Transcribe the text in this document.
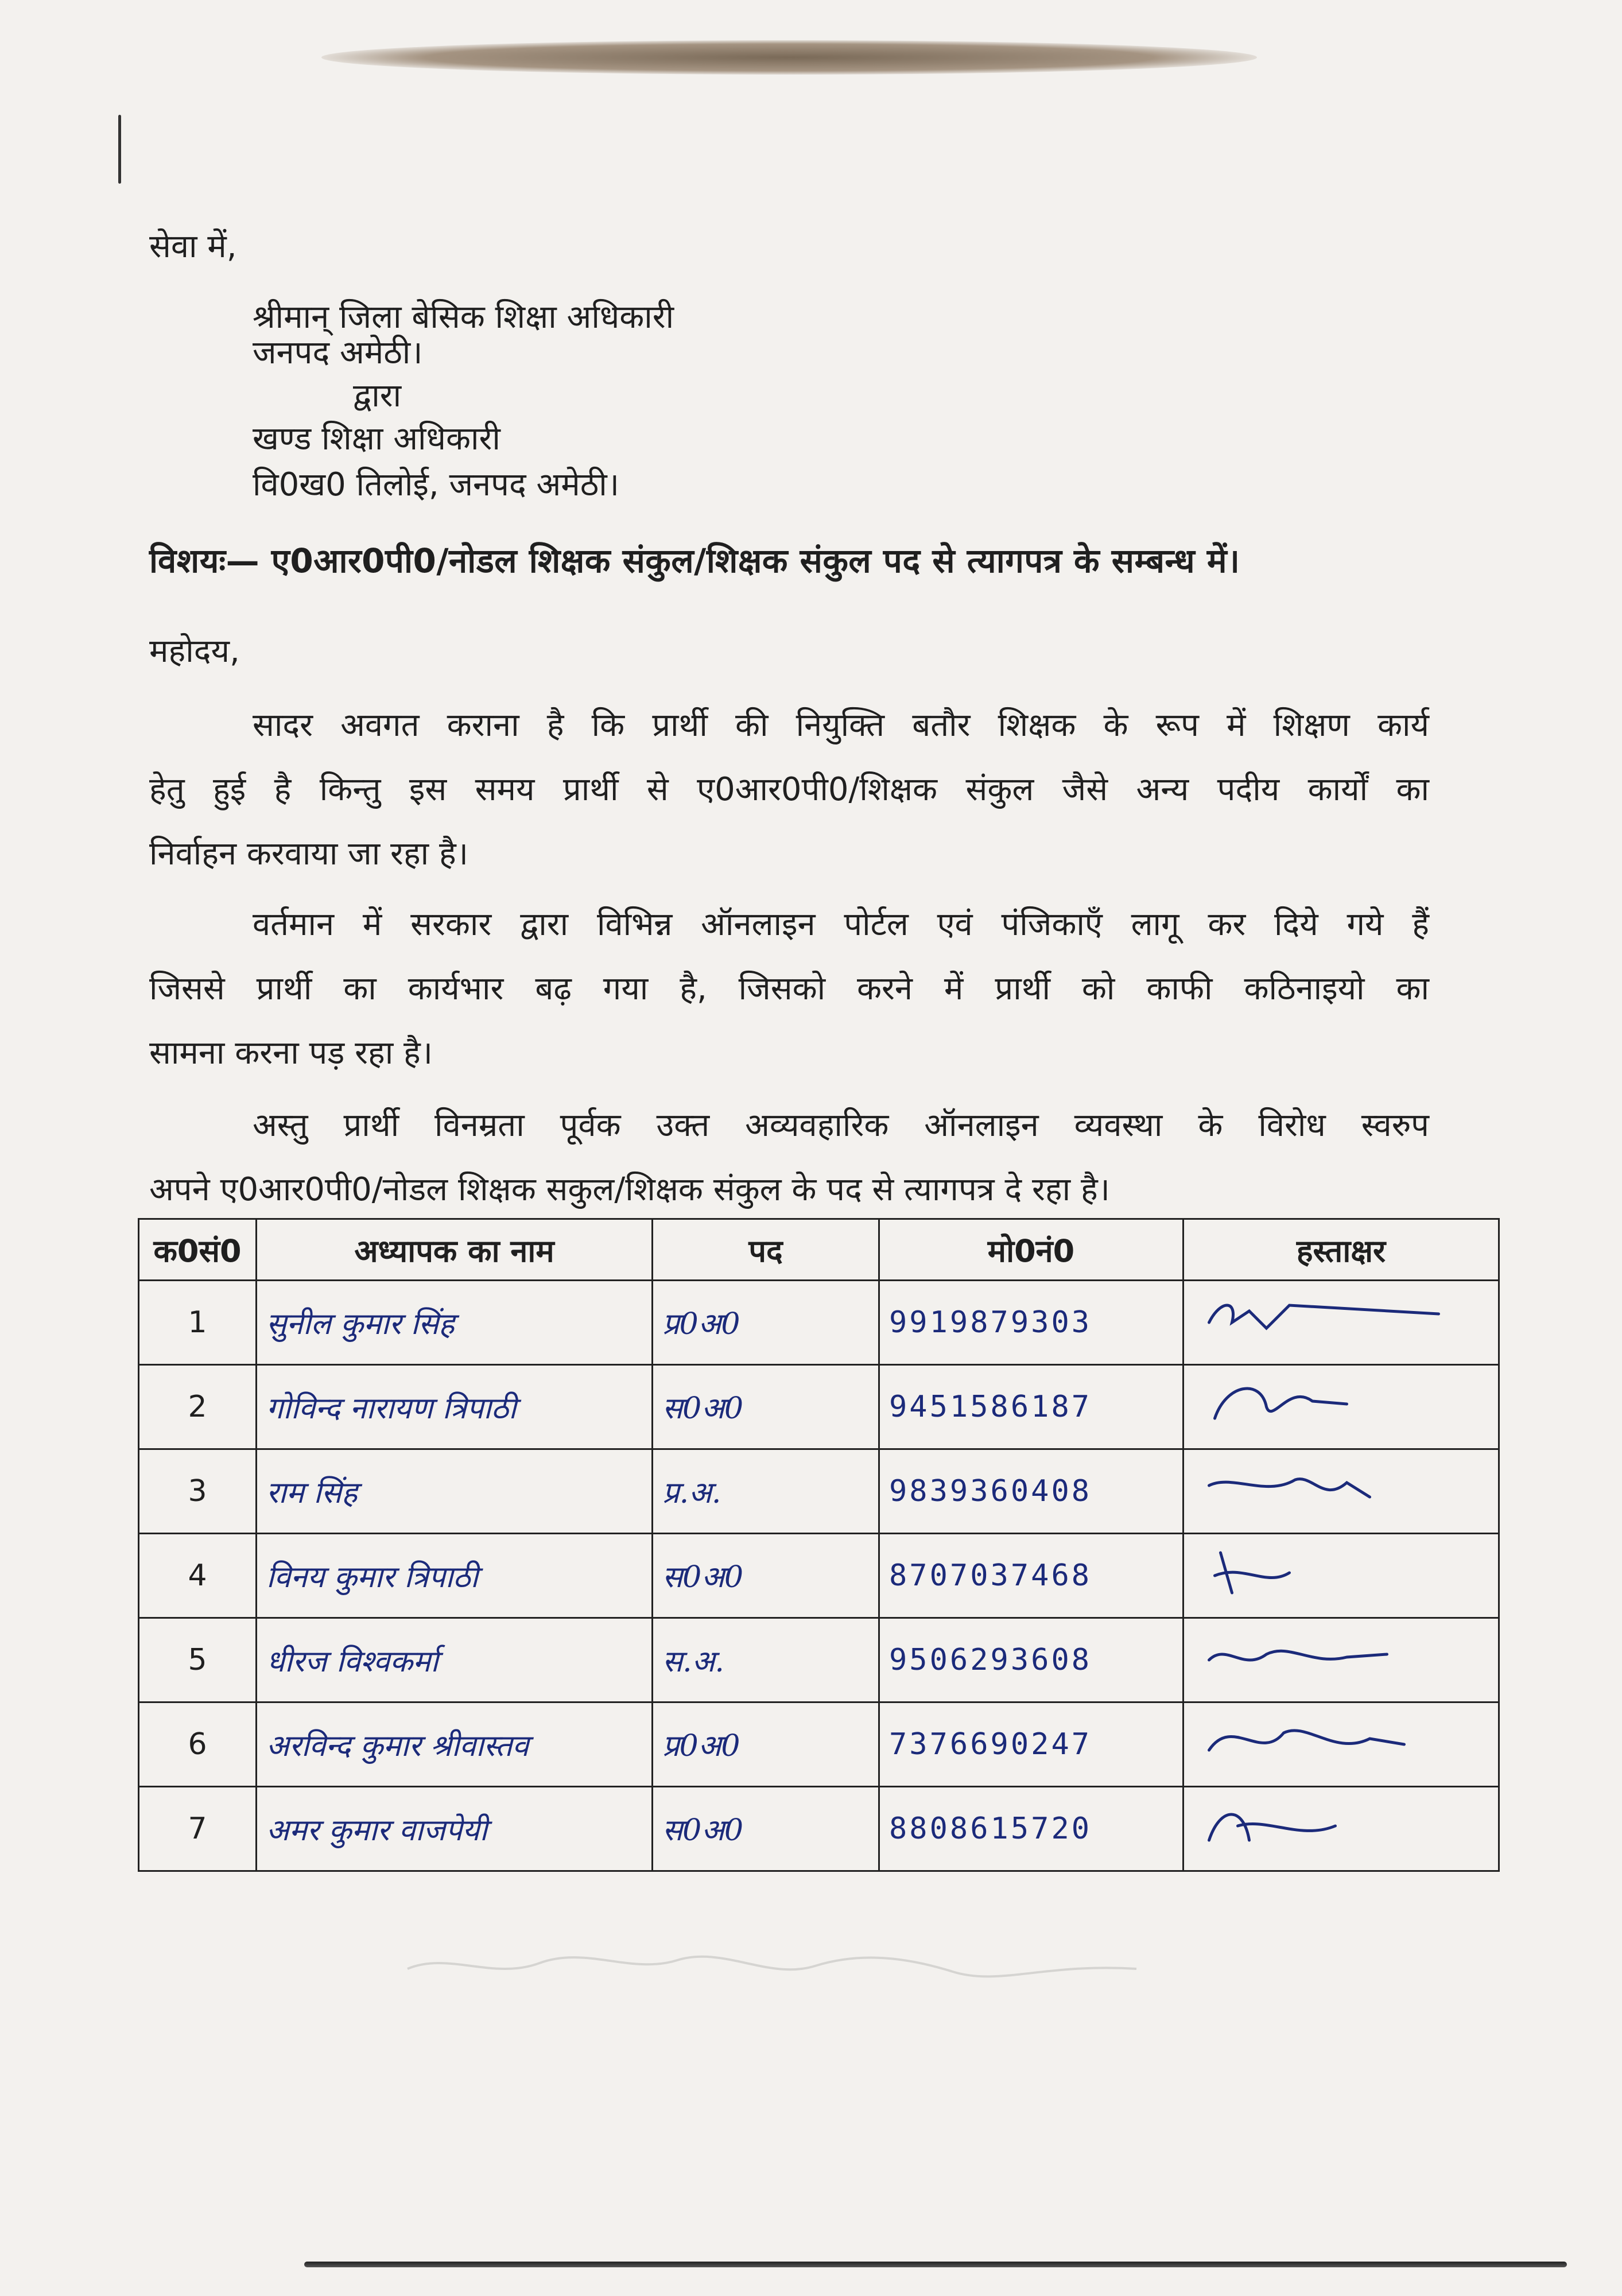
सेवा में,
श्रीमान् जिला बेसिक शिक्षा अधिकारी
जनपद अमेठी।
द्वारा
खण्ड शिक्षा अधिकारी
वि0ख0 तिलोई, जनपद अमेठी।
विशयः— ए0आर0पी0/नोडल शिक्षक संकुल/शिक्षक संकुल पद से त्यागपत्र के सम्बन्ध में।
महोदय,
सादर अवगत कराना है कि प्रार्थी की नियुक्ति बतौर शिक्षक के रूप में शिक्षण कार्य
हेतु हुई है किन्तु इस समय प्रार्थी से ए0आर0पी0/शिक्षक संकुल जैसे अन्य पदीय कार्यों का
निर्वाहन करवाया जा रहा है।
वर्तमान में सरकार द्वारा विभिन्न ऑनलाइन पोर्टल एवं पंजिकाएँ लागू कर दिये गये हैं
जिससे प्रार्थी का कार्यभार बढ़ गया है, जिसको करने में प्रार्थी को काफी कठिनाइयो का
सामना करना पड़ रहा है।
अस्तु प्रार्थी विनम्रता पूर्वक उक्त अव्यवहारिक ऑनलाइन व्यवस्था के विरोध स्वरुप
अपने ए0आर0पी0/नोडल शिक्षक सकुल/शिक्षक संकुल के पद से त्यागपत्र दे रहा है।
क0सं0	अध्यापक का नाम	पद	मो0नं0	हस्ताक्षर
1	सुनील कुमार सिंह	प्र0अ0	9919879303	

2	गोविन्द नारायण त्रिपाठी	स0अ0	9451586187	

3	राम सिंह	प्र.अ.	9839360408	

4	विनय कुमार त्रिपाठी	स0अ0	8707037468	

5	धीरज विश्वकर्मा	स.अ.	9506293608	

6	अरविन्द कुमार श्रीवास्तव	प्र0अ0	7376690247	

7	अमर कुमार वाजपेयी	स0अ0	8808615720	
